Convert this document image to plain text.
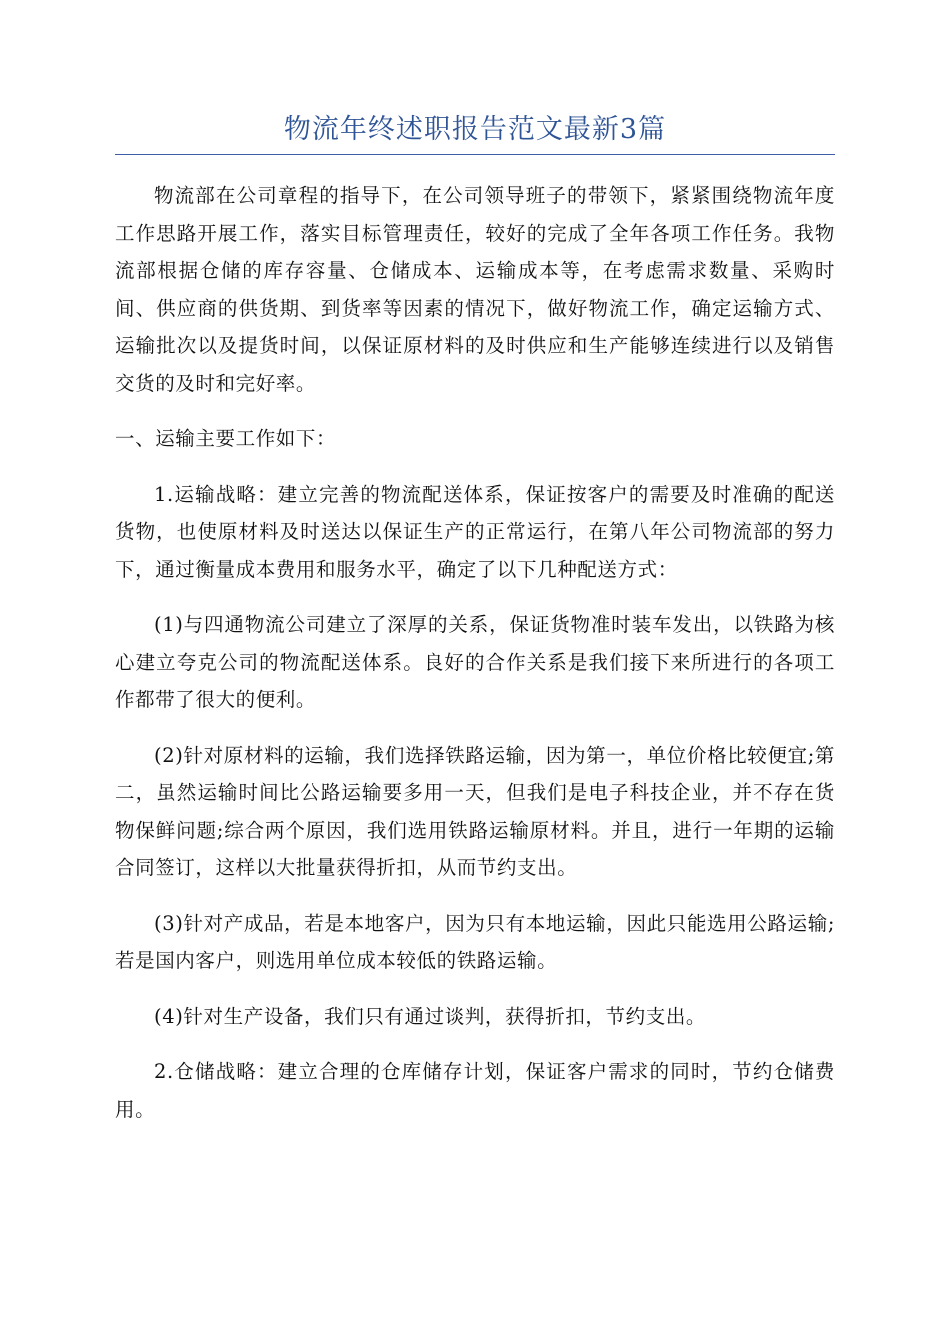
物流年终述职报告范文最新3篇

物流部在公司章程的指导下，在公司领导班子的带领下，紧紧围绕物流年度工作思路开展工作，落实目标管理责任，较好的完成了全年各项工作任务。我物流部根据仓储的库存容量、仓储成本、运输成本等，在考虑需求数量、采购时间、供应商的供货期、到货率等因素的情况下，做好物流工作，确定运输方式、运输批次以及提货时间，以保证原材料的及时供应和生产能够连续进行以及销售交货的及时和完好率。

一、运输主要工作如下：

1.运输战略：建立完善的物流配送体系，保证按客户的需要及时准确的配送货物，也使原材料及时送达以保证生产的正常运行，在第八年公司物流部的努力下，通过衡量成本费用和服务水平，确定了以下几种配送方式：

(1)与四通物流公司建立了深厚的关系，保证货物准时装车发出，以铁路为核心建立夸克公司的物流配送体系。良好的合作关系是我们接下来所进行的各项工作都带了很大的便利。

(2)针对原材料的运输，我们选择铁路运输，因为第一，单位价格比较便宜;第二，虽然运输时间比公路运输要多用一天，但我们是电子科技企业，并不存在货物保鲜问题;综合两个原因，我们选用铁路运输原材料。并且，进行一年期的运输合同签订，这样以大批量获得折扣，从而节约支出。

(3)针对产成品，若是本地客户，因为只有本地运输，因此只能选用公路运输;若是国内客户，则选用单位成本较低的铁路运输。

(4)针对生产设备，我们只有通过谈判，获得折扣，节约支出。

2.仓储战略：建立合理的仓库储存计划，保证客户需求的同时，节约仓储费用。
